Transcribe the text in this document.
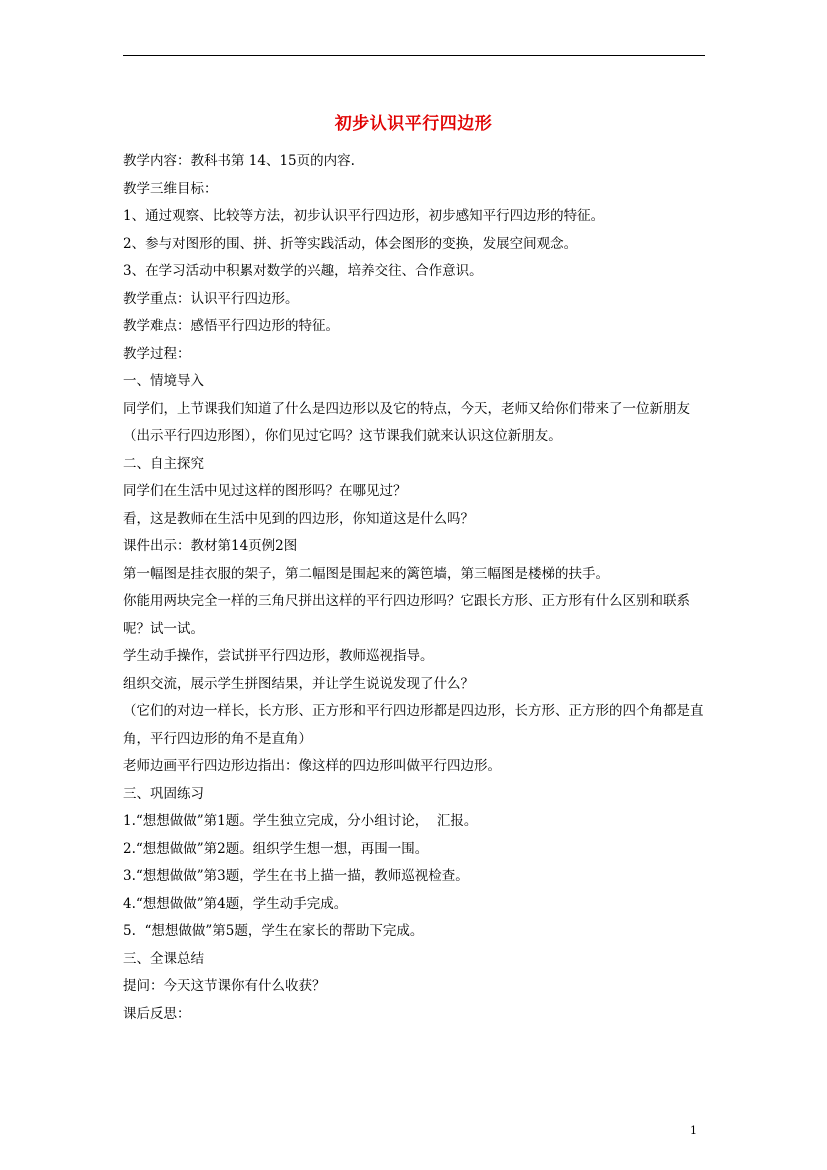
初步认识平行四边形

教学内容：教科书第 14、15页的内容.

教学三维目标：

1、通过观察、比较等方法，初步认识平行四边形，初步感知平行四边形的特征。

2、参与对图形的围、拼、折等实践活动，体会图形的变换，发展空间观念。

3、在学习活动中积累对数学的兴趣，培养交往、合作意识。

教学重点：认识平行四边形。

教学难点：感悟平行四边形的特征。

教学过程：

一、情境导入

同学们，上节课我们知道了什么是四边形以及它的特点，今天，老师又给你们带来了一位新朋友（出示平行四边形图），你们见过它吗？这节课我们就来认识这位新朋友。

二、自主探究

同学们在生活中见过这样的图形吗？在哪见过？

看，这是教师在生活中见到的四边形，你知道这是什么吗？

课件出示：教材第14页例2图

第一幅图是挂衣服的架子，第二幅图是围起来的篱笆墙，第三幅图是楼梯的扶手。

你能用两块完全一样的三角尺拼出这样的平行四边形吗？它跟长方形、正方形有什么区别和联系呢？试一试。

学生动手操作，尝试拼平行四边形，教师巡视指导。

组织交流，展示学生拼图结果，并让学生说说发现了什么？

（它们的对边一样长，长方形、正方形和平行四边形都是四边形，长方形、正方形的四个角都是直角，平行四边形的角不是直角）

老师边画平行四边形边指出：像这样的四边形叫做平行四边形。

三、巩固练习

1.“想想做做”第1题。学生独立完成，分小组讨论，  汇报。

2.“想想做做”第2题。组织学生想一想，再围一围。

3.“想想做做”第3题，学生在书上描一描，教师巡视检查。

4.“想想做做”第4题，学生动手完成。

5.  “想想做做”第5题，学生在家长的帮助下完成。

三、全课总结

提问：今天这节课你有什么收获？

课后反思：

1
